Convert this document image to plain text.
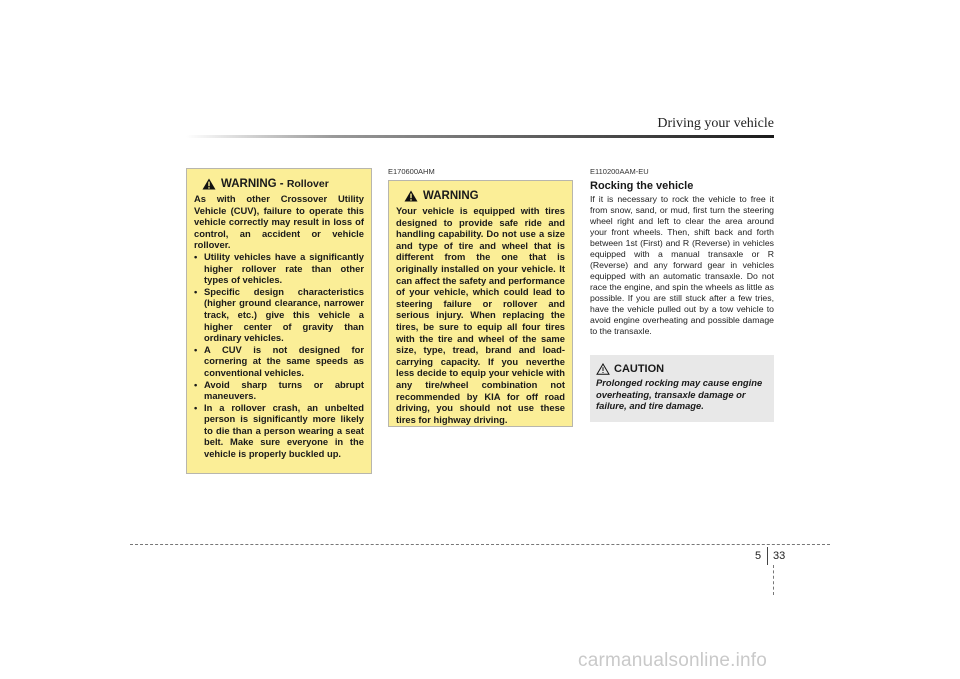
Driving your vehicle
WARNING - Rollover
As with other Crossover Utility Vehicle (CUV), failure to operate this vehicle correctly may result in loss of control, an accident or vehicle rollover.
• Utility vehicles have a significantly higher rollover rate than other types of vehicles.
• Specific design characteristics (higher ground clearance, narrower track, etc.) give this vehicle a higher center of gravity than ordinary vehicles.
• A CUV is not designed for cornering at the same speeds as conventional vehicles.
• Avoid sharp turns or abrupt maneuvers.
• In a rollover crash, an unbelted person is significantly more likely to die than a person wearing a seat belt. Make sure everyone in the vehicle is properly buckled up.
E170600AHM
WARNING
Your vehicle is equipped with tires designed to provide safe ride and handling capability. Do not use a size and type of tire and wheel that is different from the one that is originally installed on your vehicle. It can affect the safety and performance of your vehicle, which could lead to steering failure or rollover and serious injury. When replacing the tires, be sure to equip all four tires with the tire and wheel of the same size, type, tread, brand and load-carrying capacity. If you neverthe less decide to equip your vehicle with any tire/wheel combination not recommended by KIA for off road driving, you should not use these tires for highway driving.
E110200AAM-EU
Rocking the vehicle
If it is necessary to rock the vehicle to free it from snow, sand, or mud, first turn the steering wheel right and left to clear the area around your front wheels. Then, shift back and forth between 1st (First) and R (Reverse) in vehicles equipped with a manual transaxle or R (Reverse) and any forward gear in vehicles equipped with an automatic transaxle. Do not race the engine, and spin the wheels as little as possible. If you are still stuck after a few tries, have the vehicle pulled out by a tow vehicle to avoid engine overheating and possible damage to the transaxle.
CAUTION
Prolonged rocking may cause engine overheating, transaxle damage or failure, and tire damage.
5 33
carmanualsonline.info
